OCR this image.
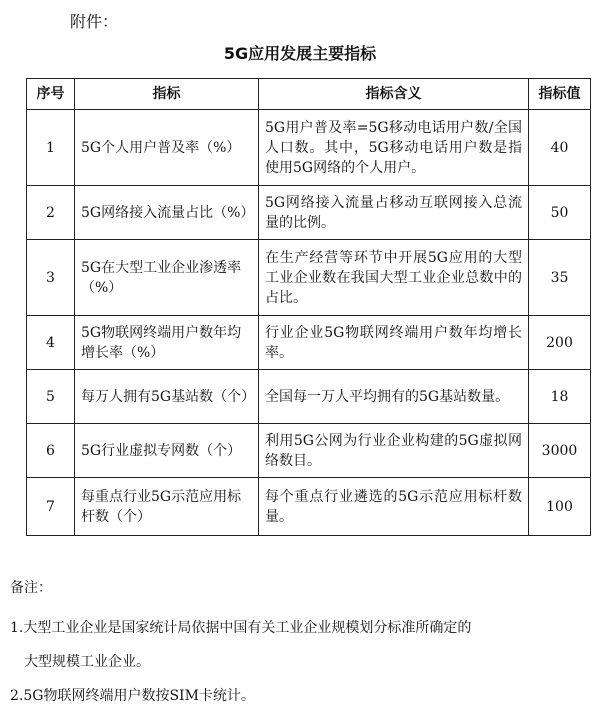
附件：
5G应用发展主要指标
序号	指标	指标含义	指标值
1	5G个人用户普及率（%）	5G用户普及率=5G移动电话用户数/全国人口数。其中，5G移动电话用户数是指使用5G网络的个人用户。	40
2	5G网络接入流量占比（%）	5G网络接入流量占移动互联网接入总流量的比例。	50
3	5G在大型工业企业渗透率（%）	在生产经营等环节中开展5G应用的大型工业企业数在我国大型工业企业总数中的占比。	35
4	5G物联网终端用户数年均增长率（%）	行业企业5G物联网终端用户数年均增长率。	200
5	每万人拥有5G基站数（个）	全国每一万人平均拥有的5G基站数量。	18
6	5G行业虚拟专网数（个）	利用5G公网为行业企业构建的5G虚拟网络数目。	3000
7	每重点行业5G示范应用标杆数（个）	每个重点行业遴选的5G示范应用标杆数量。	100
备注：
1.大型工业企业是国家统计局依据中国有关工业企业规模划分标准所确定的
大型规模工业企业。
2.5G物联网终端用户数按SIM卡统计。
